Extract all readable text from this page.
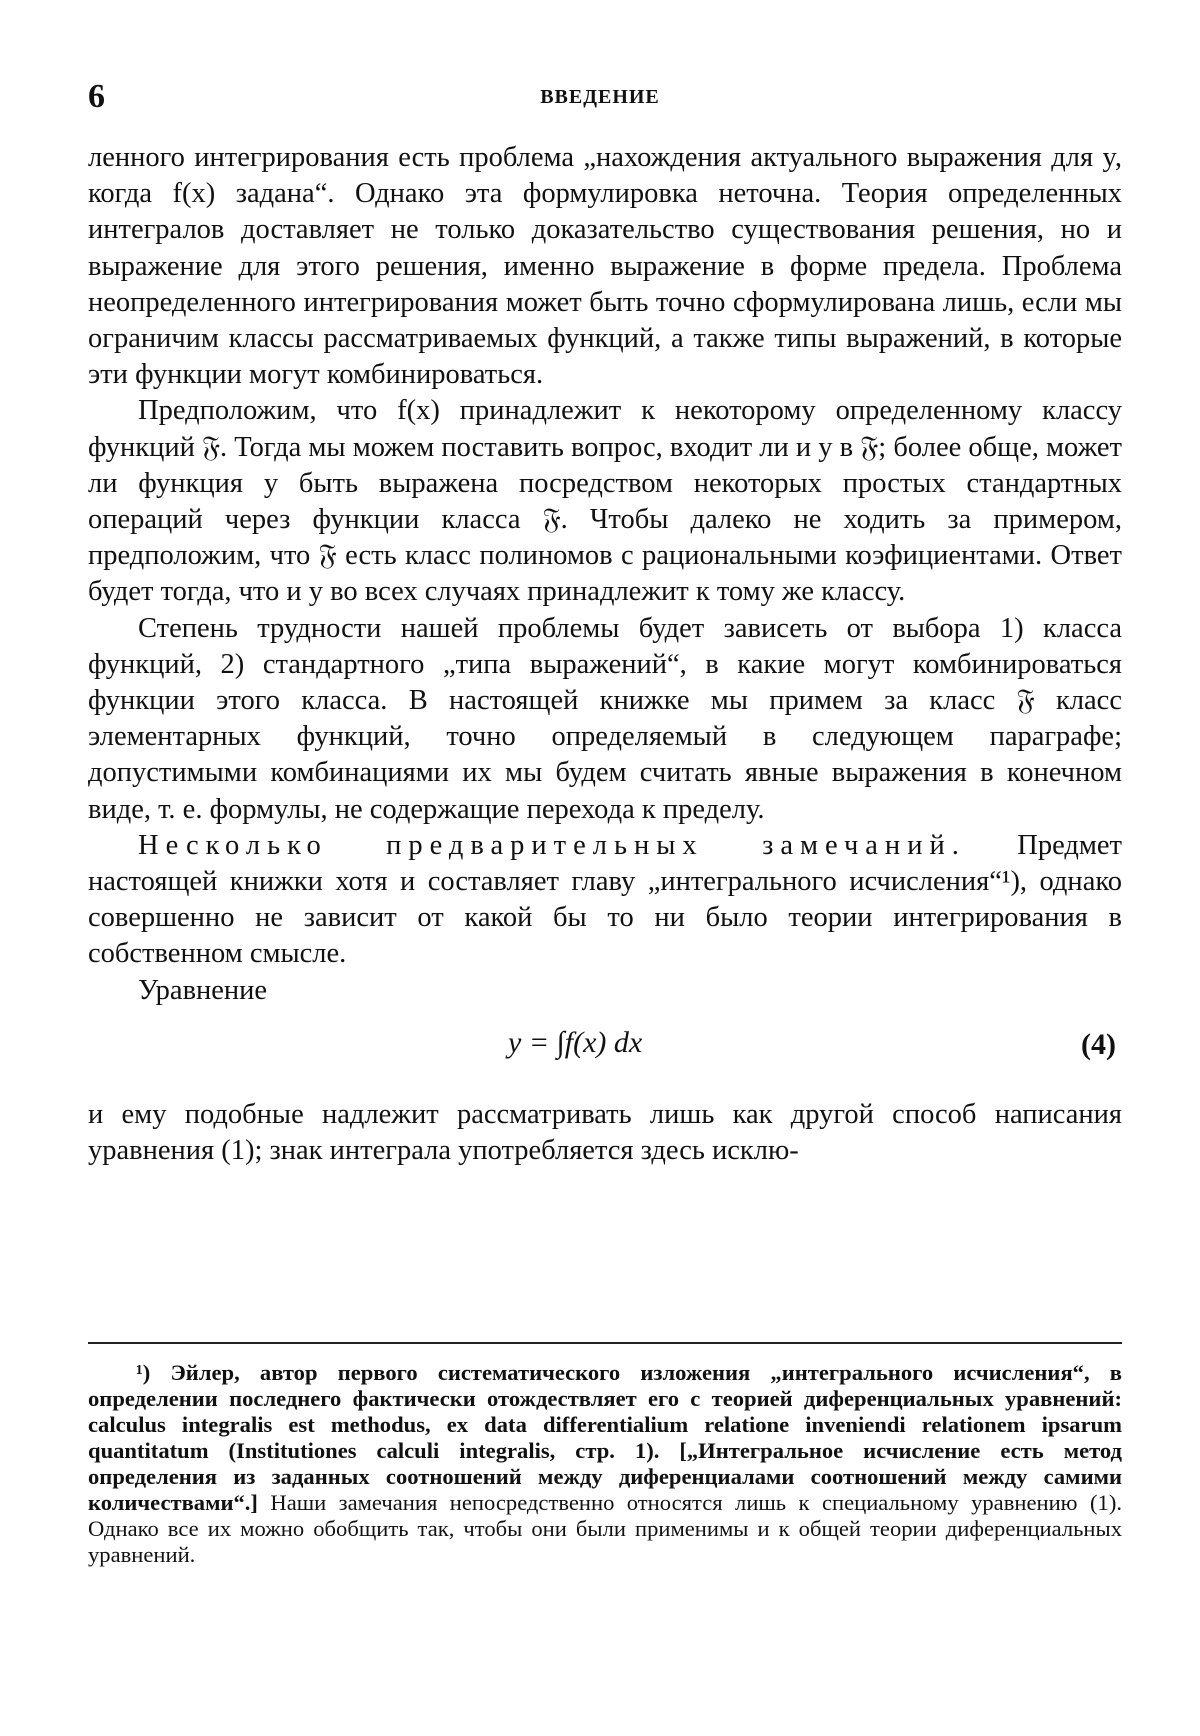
6	ВВЕДЕНИЕ

ленного интегрирования есть проблема „нахождения актуального выражения для y, когда f(x) задана“. Однако эта формулировка неточна. Теория определенных интегралов доставляет не только доказательство существования решения, но и выражение для этого решения, именно выражение в форме предела. Проблема неопределенного интегрирования может быть точно сформулирована лишь, если мы ограничим классы рассматриваемых функций, а также типы выражений, в которые эти функции могут комбинироваться.

Предположим, что f(x) принадлежит к некоторому определенному классу функций 𝔉. Тогда мы можем поставить вопрос, входит ли и y в 𝔉; более обще, может ли функция y быть выражена посредством некоторых простых стандартных операций через функции класса 𝔉. Чтобы далеко не ходить за примером, предположим, что 𝔉 есть класс полиномов с рациональными коэфициентами. Ответ будет тогда, что и y во всех случаях принадлежит к тому же классу.

Степень трудности нашей проблемы будет зависеть от выбора 1) класса функций, 2) стандартного „типа выражений“, в какие могут комбинироваться функции этого класса. В настоящей книжке мы примем за класс 𝔉 класс элементарных функций, точно определяемый в следующем параграфе; допустимыми комбинациями их мы будем считать явные выражения в конечном виде, т. е. формулы, не содержащие перехода к пределу.

Несколько предварительных замечаний. Предмет настоящей книжки хотя и составляет главу „интегрального исчисления“¹), однако совершенно не зависит от какой бы то ни было теории интегрирования в собственном смысле.

Уравнение

y = ∫f(x) dx	(4)

и ему подобные надлежит рассматривать лишь как другой способ написания уравнения (1); знак интеграла употребляется здесь исклю-

¹) Эйлер, автор первого систематического изложения „интегрального исчисления“, в определении последнего фактически отождествляет его с теорией диференциальных уравнений: calculus integralis est methodus, ex data differentialium relatione inveniendi relationem ipsarum quantitatum (Institutiones calculi integralis, стр. 1). [„Интегральное исчисление есть метод определения из заданных соотношений между диференциалами соотношений между самими количествами“.] Наши замечания непосредственно относятся лишь к специальному уравнению (1). Однако все их можно обобщить так, чтобы они были применимы и к общей теории диференциальных уравнений.
